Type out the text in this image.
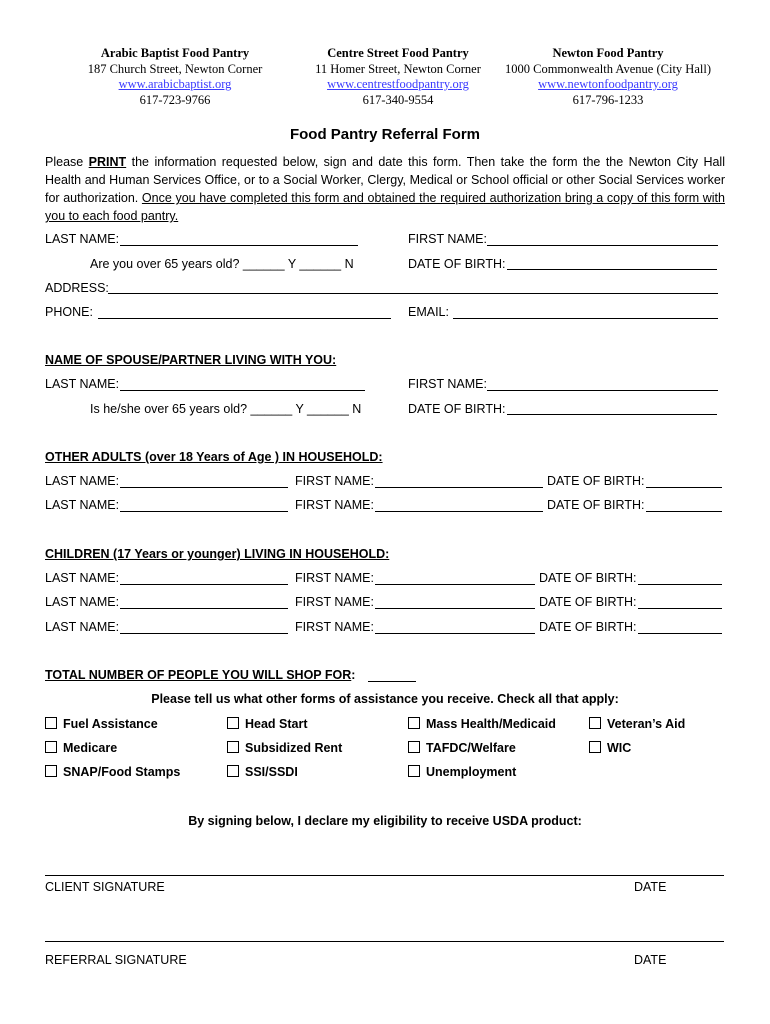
Arabic Baptist Food Pantry
187 Church Street, Newton Corner
www.arabicbaptist.org
617-723-9766
Centre Street Food Pantry
11 Homer Street, Newton Corner
www.centrestfoodpantry.org
617-340-9554
Newton Food Pantry
1000 Commonwealth Avenue (City Hall)
www.newtonfoodpantry.org
617-796-1233
Food Pantry Referral Form
Please PRINT the information requested below, sign and date this form. Then take the form the the Newton City Hall Health and Human Services Office, or to a Social Worker, Clergy, Medical or School official or other Social Services worker for authorization. Once you have completed this form and obtained the required authorization bring a copy of this form with you to each food pantry.
LAST NAME:	FIRST NAME:
Are you over 65 years old? ______ Y ______ N	DATE OF BIRTH:
ADDRESS:
PHONE:	EMAIL:
NAME OF SPOUSE/PARTNER LIVING WITH YOU:
LAST NAME:	FIRST NAME:
Is he/she over 65 years old? ______ Y ______ N	DATE OF BIRTH:
OTHER ADULTS (over 18 Years of Age ) IN HOUSEHOLD:
LAST NAME:	FIRST NAME:	DATE OF BIRTH:
LAST NAME:	FIRST NAME:	DATE OF BIRTH:
CHILDREN (17 Years or younger) LIVING IN HOUSEHOLD:
LAST NAME:	FIRST NAME:	DATE OF BIRTH:
LAST NAME:	FIRST NAME:	DATE OF BIRTH:
LAST NAME:	FIRST NAME:	DATE OF BIRTH:
TOTAL NUMBER OF PEOPLE YOU WILL SHOP FOR:
Please tell us what other forms of assistance you receive. Check all that apply:
Fuel Assistance	Head Start	Mass Health/Medicaid	Veteran’s Aid
Medicare	Subsidized Rent	TAFDC/Welfare	WIC
SNAP/Food Stamps	SSI/SSDI	Unemployment
By signing below, I declare my eligibility to receive USDA product:
CLIENT SIGNATURE	DATE
REFERRAL SIGNATURE	DATE
